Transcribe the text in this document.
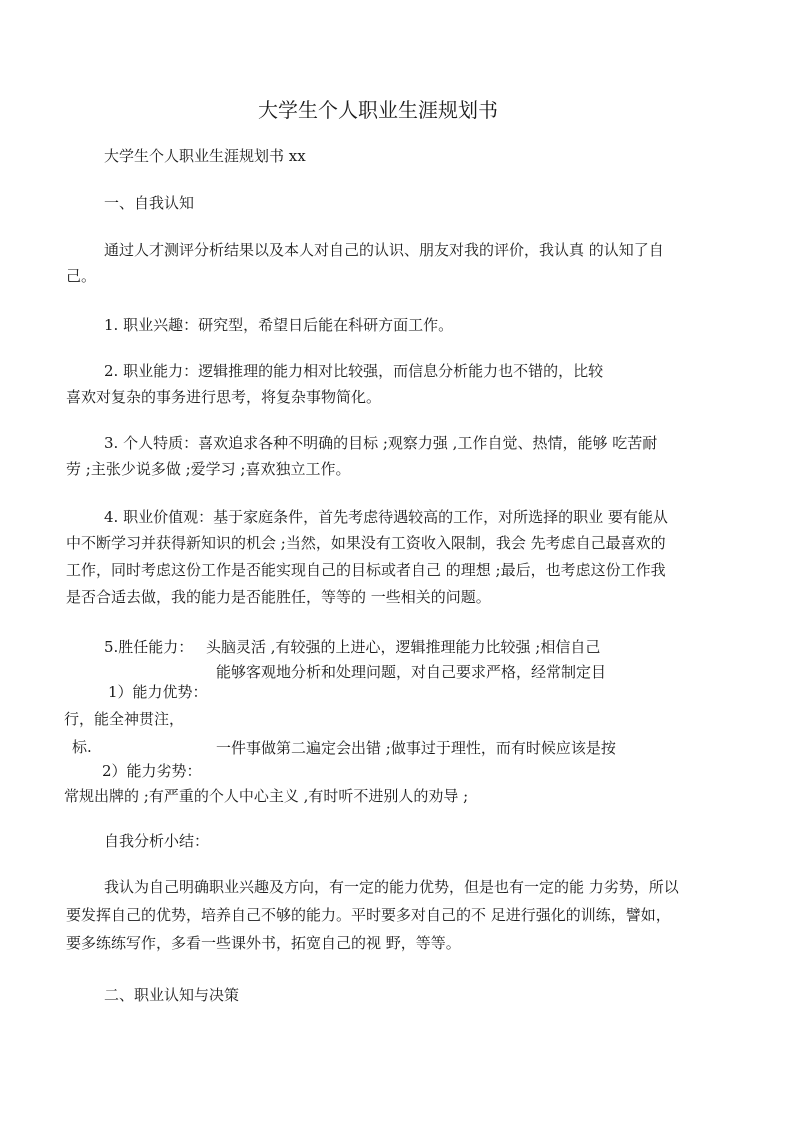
大学生个人职业生涯规划书
大学生个人职业生涯规划书 xx
一、自我认知
通过人才测评分析结果以及本人对自己的认识、朋友对我的评价，我认真 的认知了自
己。
1. 职业兴趣：研究型，希望日后能在科研方面工作。
2. 职业能力：逻辑推理的能力相对比较强，而信息分析能力也不错的，比较
喜欢对复杂的事务进行思考，将复杂事物简化。
3. 个人特质：喜欢追求各种不明确的目标 ;观察力强 ,工作自觉、热情，能够 吃苦耐
劳 ;主张少说多做 ;爱学习 ;喜欢独立工作。
4. 职业价值观：基于家庭条件，首先考虑待遇较高的工作，对所选择的职业 要有能从
中不断学习并获得新知识的机会 ;当然，如果没有工资收入限制，我会 先考虑自己最喜欢的
工作，同时考虑这份工作是否能实现自己的目标或者自己 的理想 ;最后，也考虑这份工作我
是否合适去做，我的能力是否能胜任，等等的 一些相关的问题。
5.胜任能力： 头脑灵活 ,有较强的上进心，逻辑推理能力比较强 ;相信自己
能够客观地分析和处理问题，对自己要求严格，经常制定目
1）能力优势：
行，能全神贯注，
标.	一件事做第二遍定会出错 ;做事过于理性，而有时候应该是按
2）能力劣势：
常规出牌的 ;有严重的个人中心主义 ,有时听不进别人的劝导 ;
自我分析小结：
我认为自己明确职业兴趣及方向，有一定的能力优势，但是也有一定的能 力劣势，所以
要发挥自己的优势，培养自己不够的能力。平时要多对自己的不 足进行强化的训练，譬如，
要多练练写作，多看一些课外书，拓宽自己的视 野，等等。
二、职业认知与决策
